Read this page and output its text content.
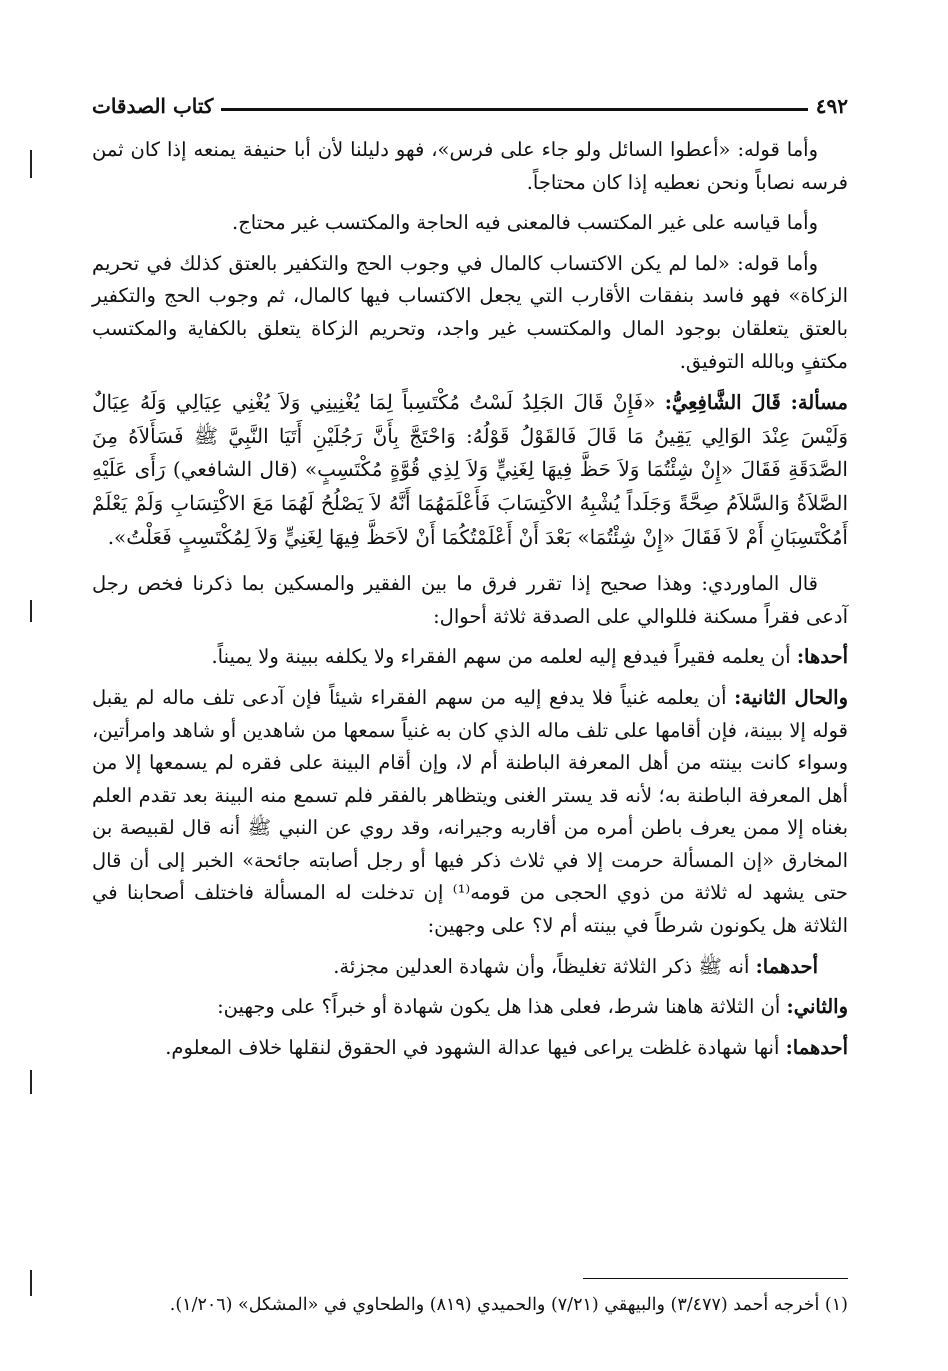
٤٩٢
كتاب الصدقات

وأما قوله: «أعطوا السائل ولو جاء على فرس»، فهو دليلنا لأن أبا حنيفة يمنعه إذا كان ثمن فرسه نصاباً ونحن نعطيه إذا كان محتاجاً.

وأما قياسه على غير المكتسب فالمعنى فيه الحاجة والمكتسب غير محتاج.

وأما قوله: «لما لم يكن الاكتساب كالمال في وجوب الحج والتكفير بالعتق كذلك في تحريم الزكاة» فهو فاسد بنفقات الأقارب التي يجعل الاكتساب فيها كالمال، ثم وجوب الحج والتكفير بالعتق يتعلقان بوجود المال والمكتسب غير واجد، وتحريم الزكاة يتعلق بالكفاية والمكتسب مكتفٍ وبالله التوفيق.

مسألة: قَالَ الشَّافِعِيُّ: «فَإِنْ قَالَ الجَلِدُ لَسْتُ مُكْتَسِباً لِمَا يُغْنِينِي وَلاَ يُغْنِي عِيَالِي وَلَهُ عِيَالٌ وَلَيْسَ عِنْدَ الوَالِي يَقِينُ مَا قَالَ فَالقَوْلُ قَوْلُهُ: وَاحْتَجَّ بِأَنَّ رَجُلَيْنِ أَتَيَا النَّبِيَّ ﷺ فَسَأَلاَهُ مِنَ الصَّدَقَةِ فَقَالَ «إِنْ شِئْتُمَا وَلاَ حَظَّ فِيهَا لِغَنِيٍّ وَلاَ لِذِي قُوَّةٍ مُكْتَسِبٍ» (قال الشافعي) رَأَى عَلَيْهِ الصَّلاَةُ وَالسَّلاَمُ صِحَّةً وَجَلَداً يُشْبِهُ الاكْتِسَابَ فَأَعْلَمَهُمَا أَنَّهُ لاَ يَصْلُحُ لَهُمَا مَعَ الاكْتِسَابِ وَلَمْ يَعْلَمْ أَمُكْتَسِبَانِ أَمْ لاَ فَقَالَ «إِنْ شِئْتُمَا» بَعْدَ أَنْ أَعْلَمْتُكُمَا أَنْ لاَحَظَّ فِيهَا لِغَنِيٍّ وَلاَ لِمُكْتَسِبٍ فَعَلْتُ».

قال الماوردي: وهذا صحيح إذا تقرر فرق ما بين الفقير والمسكين بما ذكرنا فخص رجل آدعى فقراً مسكنة فللوالي على الصدقة ثلاثة أحوال:

أحدها: أن يعلمه فقيراً فيدفع إليه لعلمه من سهم الفقراء ولا يكلفه ببينة ولا يميناً.

والحال الثانية: أن يعلمه غنياً فلا يدفع إليه من سهم الفقراء شيئاً فإن آدعى تلف ماله لم يقبل قوله إلا ببينة، فإن أقامها على تلف ماله الذي كان به غنياً سمعها من شاهدين أو شاهد وامرأتين، وسواء كانت بينته من أهل المعرفة الباطنة أم لا، وإن أقام البينة على فقره لم يسمعها إلا من أهل المعرفة الباطنة به؛ لأنه قد يستر الغنى ويتظاهر بالفقر فلم تسمع منه البينة بعد تقدم العلم بغناه إلا ممن يعرف باطن أمره من أقاربه وجيرانه، وقد روي عن النبي ﷺ أنه قال لقبيصة بن المخارق «إن المسألة حرمت إلا في ثلاث ذكر فيها أو رجل أصابته جائحة» الخبر إلى أن قال حتى يشهد له ثلاثة من ذوي الحجى من قومه⁽¹⁾ إن تدخلت له المسألة فاختلف أصحابنا في الثلاثة هل يكونون شرطاً في بينته أم لا؟ على وجهين:

أحدهما: أنه ﷺ ذكر الثلاثة تغليظاً، وأن شهادة العدلين مجزئة.

والثاني: أن الثلاثة هاهنا شرط، فعلى هذا هل يكون شهادة أو خبراً؟ على وجهين:

أحدهما: أنها شهادة غلظت يراعى فيها عدالة الشهود في الحقوق لنقلها خلاف المعلوم.

(١) أخرجه أحمد (٣/٤٧٧) والبيهقي (٧/٢١) والحميدي (٨١٩) والطحاوي في «المشكل» (١/٢٠٦).
